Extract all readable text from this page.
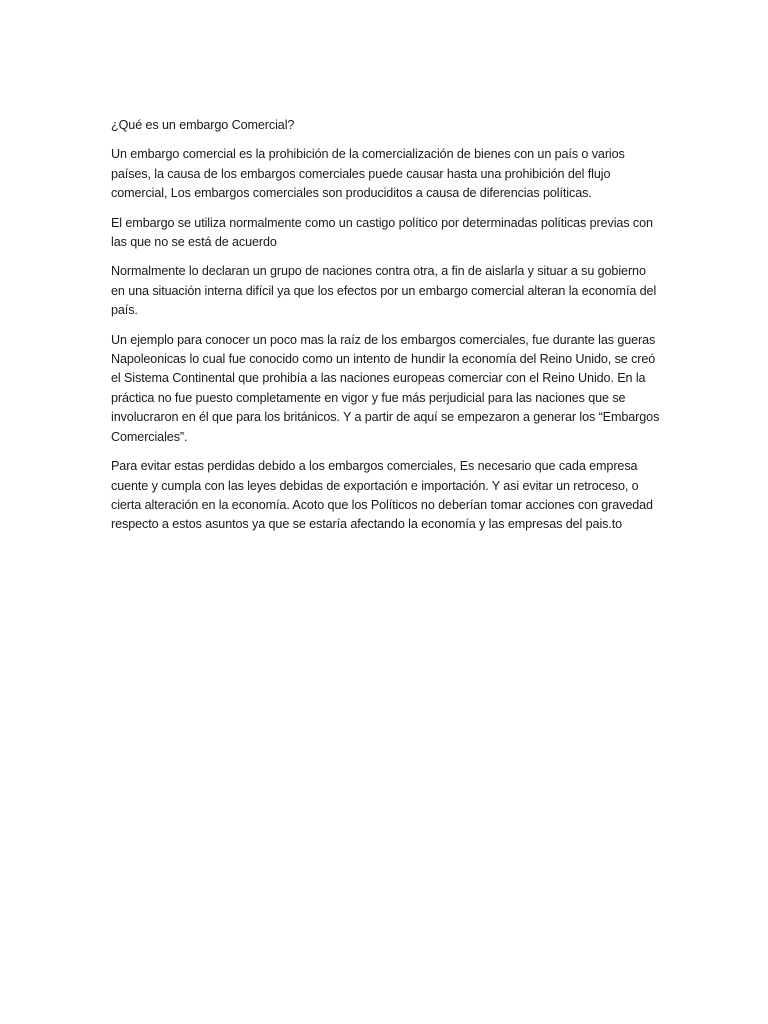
¿Qué es un embargo Comercial?

Un embargo comercial es la prohibición de la comercialización de bienes con un país o varios países, la causa de los embargos comerciales puede causar hasta una prohibición del flujo comercial, Los embargos comerciales son produciditos a causa de diferencias políticas.

El embargo se utiliza normalmente como un castigo político por determinadas políticas previas con las que no se está de acuerdo

Normalmente lo declaran un grupo de naciones contra otra, a fin de aislarla y situar a su gobierno en una situación interna difícil ya que los efectos por un embargo comercial alteran la economía del país.

Un ejemplo para conocer un poco mas la raíz de los embargos comerciales, fue durante las gueras Napoleonicas lo cual fue conocido como un intento de hundir la economía del Reino Unido, se creó el Sistema Continental que prohibía a las naciones europeas comerciar con el Reino Unido. En la práctica no fue puesto completamente en vigor y fue más perjudicial para las naciones que se involucraron en él que para los británicos. Y a partir de aquí se empezaron a generar los “Embargos Comerciales”.

Para evitar estas perdidas debido a los embargos comerciales, Es necesario que cada empresa cuente y cumpla con las leyes debidas de exportación e importación. Y asi evitar un retroceso, o cierta alteración en la economía. Acoto que los Políticos no deberían tomar acciones con gravedad respecto a estos asuntos ya que se estaría afectando la economía y las empresas del pais.to
